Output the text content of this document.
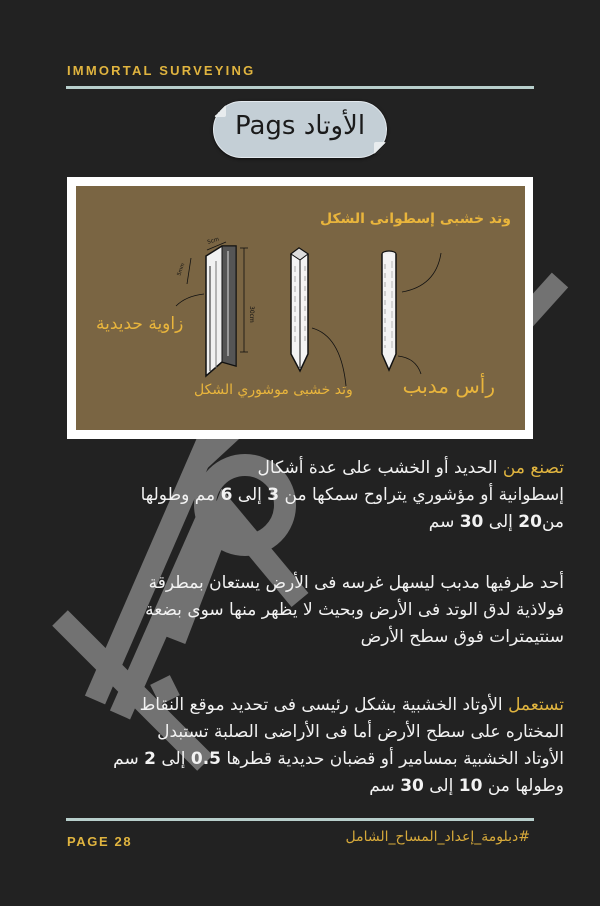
IMMORTAL SURVEYING
الأوتاد Pags
30cm
5cm
5mm
وتد خشبى إسطوانى الشكل
زاوية حديدية
وتد خشبى موشوري الشكل رأس مدبب

تصنع من الحديد أو الخشب على عدة أشكال

إسطوانية أو مؤشوري يتراوح سمكها من 3 إلى 6 مم وطولها

من20 إلى 30 سم

أحد طرفيها مدبب ليسهل غرسه فى الأرض يستعان بمطرقة

فولاذية لدق الوتد فى الأرض وبحيث لا يظهر منها سوى بضعة

سنتيمترات فوق سطح الأرض

تستعمل الأوتاد الخشبية بشكل رئيسى فى تحديد موقع النقاط

المختاره على سطح الأرض أما فى الأراضى الصلبة تستبدل

الأوتاد الخشبية بمسامير أو قضبان حديدية قطرها 0.5 إلى 2 سم

وطولها من 10 إلى 30 سم

PAGE 28	#دبلومة_إعداد_المساح_الشامل
